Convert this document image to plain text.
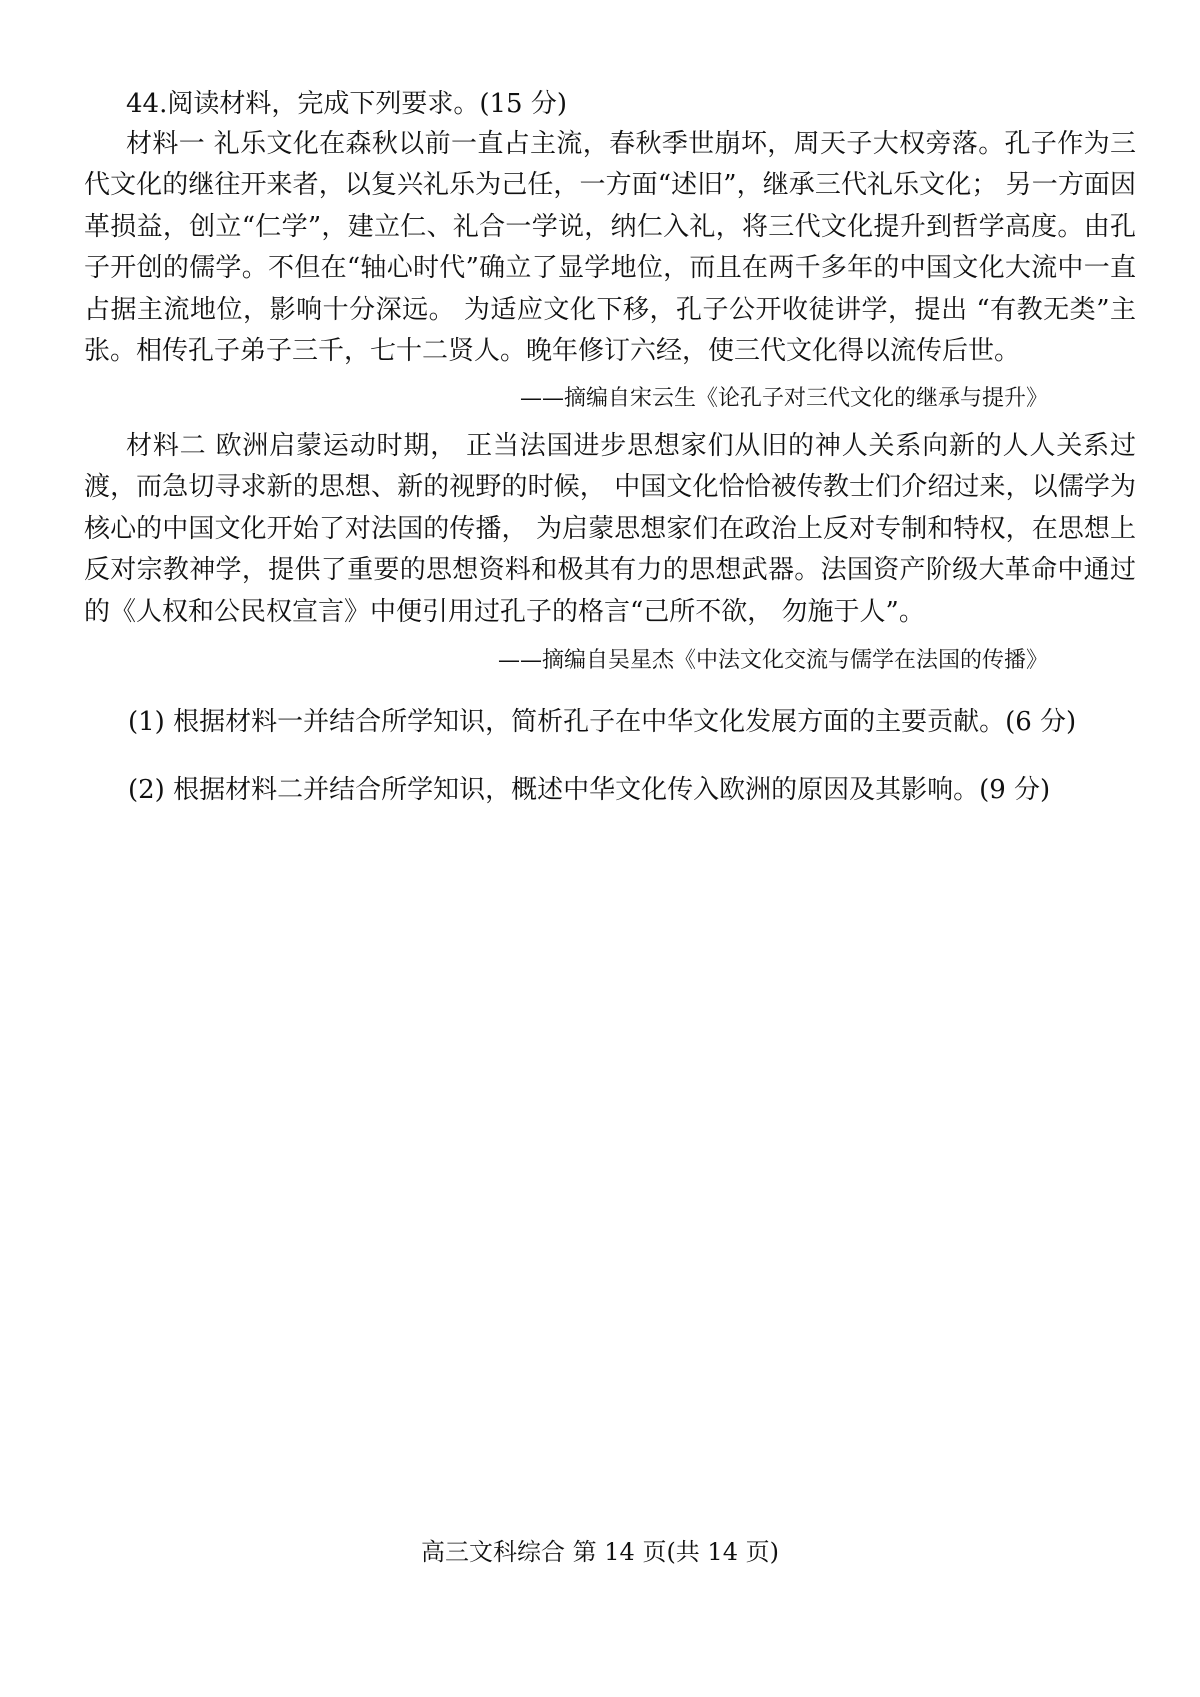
44.阅读材料，完成下列要求。(15 分)
材料一 礼乐文化在森秋以前一直占主流，春秋季世崩坏，周天子大权旁落。孔子作为三代文化的继往开来者，以复兴礼乐为己任，一方面“述旧”，继承三代礼乐文化； 另一方面因革损益，创立“仁学”，建立仁、礼合一学说，纳仁入礼，将三代文化提升到哲学高度。由孔子开创的儒学。不但在“轴心时代”确立了显学地位，而且在两千多年的中国文化大流中一直占据主流地位，影响十分深远。 为适应文化下移，孔子公开收徒讲学，提出 “有教无类”主张。相传孔子弟子三千，七十二贤人。晚年修订六经，使三代文化得以流传后世。
——摘编自宋云生《论孔子对三代文化的继承与提升》
材料二 欧洲启蒙运动时期， 正当法国进步思想家们从旧的神人关系向新的人人关系过渡，而急切寻求新的思想、新的视野的时候， 中国文化恰恰被传教士们介绍过来，以儒学为核心的中国文化开始了对法国的传播， 为启蒙思想家们在政治上反对专制和特权，在思想上反对宗教神学，提供了重要的思想资料和极其有力的思想武器。法国资产阶级大革命中通过的《人权和公民权宣言》中便引用过孔子的格言“己所不欲， 勿施于人”。
——摘编自吴星杰《中法文化交流与儒学在法国的传播》
(1) 根据材料一并结合所学知识，简析孔子在中华文化发展方面的主要贡献。(6 分)
(2) 根据材料二并结合所学知识，概述中华文化传入欧洲的原因及其影响。(9 分)
高三文科综合 第 14 页(共 14 页)
